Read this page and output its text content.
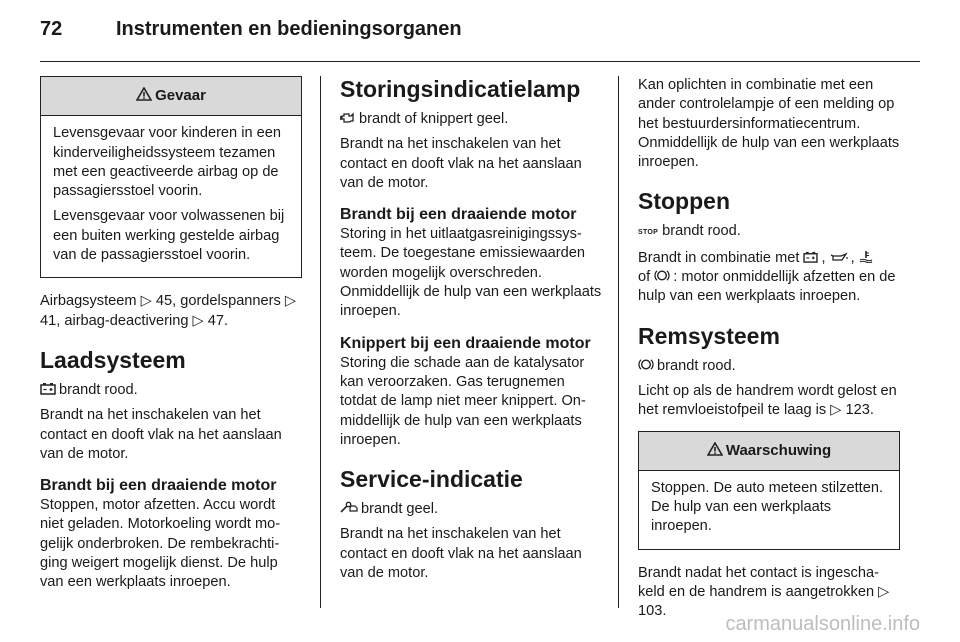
72	Instrumenten en bedieningsorganen
Gevaar

Levensgevaar voor kinderen in een kinderveiligheidssysteem tezamen met een geactiveerde airbag op de passagiersstoel voorin.

Levensgevaar voor volwassenen bij een buiten werking gestelde airbag van de passagiersstoel voorin.

Airbagsysteem ▷ 45, gordelspanners ▷ 41, airbag-deactivering ▷ 47.

Laadsysteem

brandt rood.

Brandt na het inschakelen van het contact en dooft vlak na het aanslaan van de motor.

Brandt bij een draaiende motor

Stoppen, motor afzetten. Accu wordt niet geladen. Motorkoeling wordt mogelijk onderbroken. De rembekrachtiging weigert mogelijk dienst. De hulp van een werkplaats inroepen.

Storingsindicatielamp

brandt of knippert geel.

Brandt na het inschakelen van het contact en dooft vlak na het aanslaan van de motor.

Brandt bij een draaiende motor

Storing in het uitlaatgasreinigingssysteem. De toegestane emissiewaarden worden mogelijk overschreden. Onmiddellijk de hulp van een werkplaats inroepen.

Knippert bij een draaiende motor

Storing die schade aan de katalysator kan veroorzaken. Gas terugnemen totdat de lamp niet meer knippert. Onmiddellijk de hulp van een werkplaats inroepen.

Service-indicatie

brandt geel.

Brandt na het inschakelen van het contact en dooft vlak na het aanslaan van de motor.

Kan oplichten in combinatie met een ander controlelampje of een melding op het bestuurdersinformatiecentrum. Onmiddellijk de hulp van een werkplaats inroepen.

Stoppen

STOP brandt rood.

Brandt in combinatie met
,
,

of
: motor onmiddellijk afzetten en de hulp van een werkplaats inroepen.

Remsysteem

brandt rood.

Licht op als de handrem wordt gelost en het remvloeistofpeil te laag is ▷ 123.

Waarschuwing

Stoppen. De auto meteen stilzetten. De hulp van een werkplaats inroepen.

Brandt nadat het contact is ingeschakeld en de handrem is aangetrokken ▷ 103.

carmanualsonline.info
